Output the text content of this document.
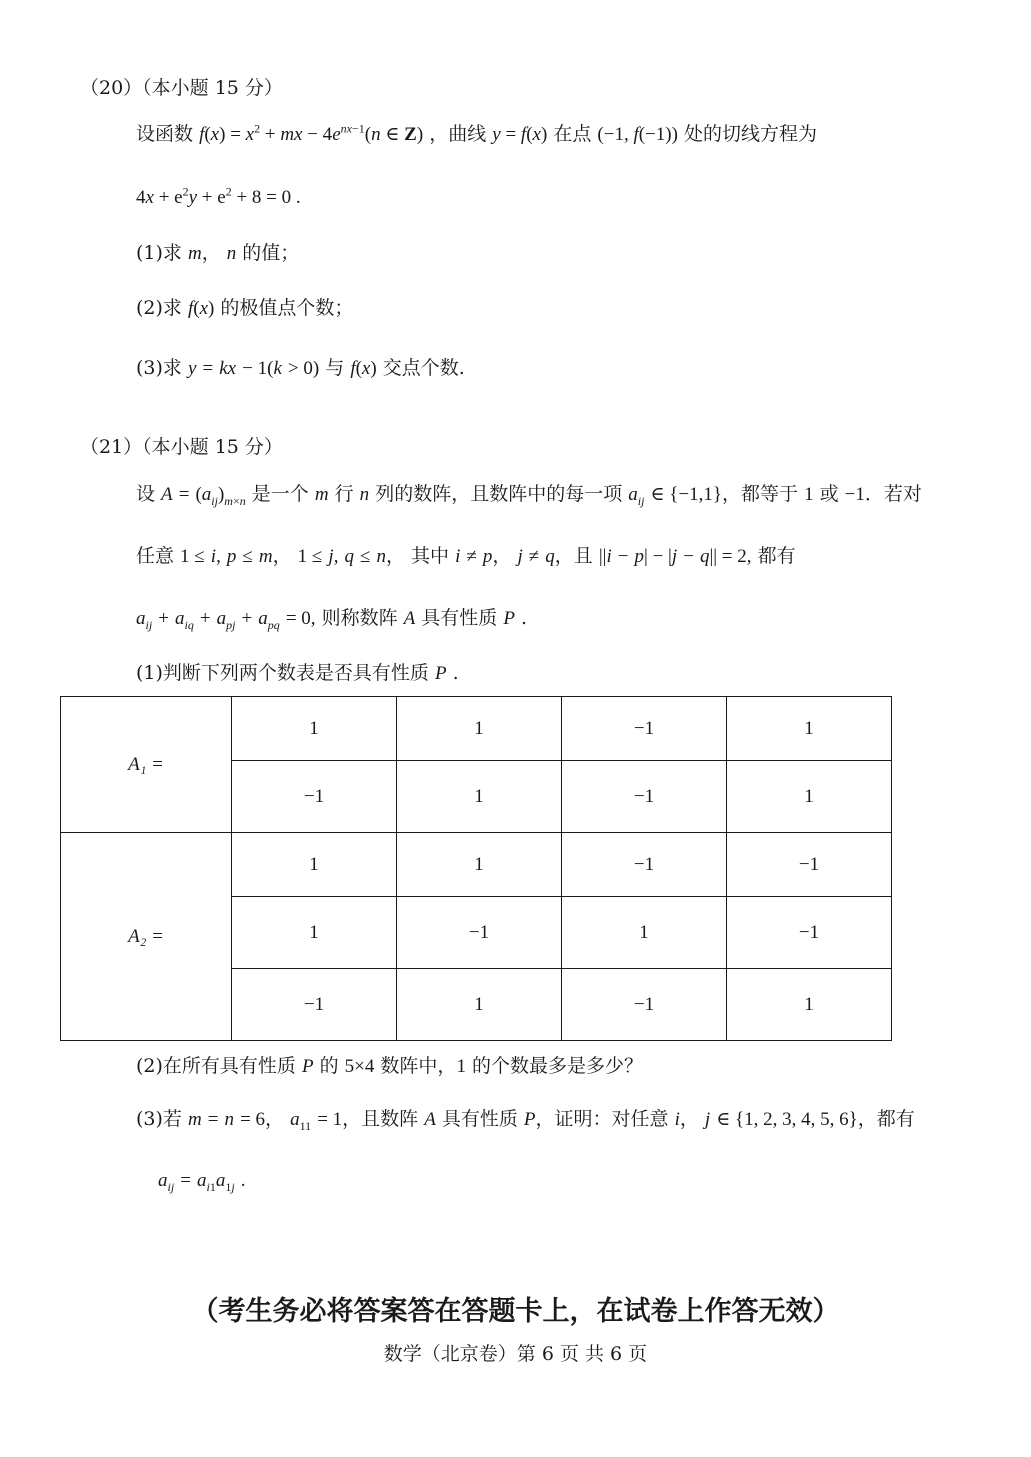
（20）（本小题 15 分）
设函数 $f(x) = x^2$ + mx − $4e^{nx-1}(n$ ∈ Z) ，曲线 y = f(x) 在点 (−1, f(−1)) 处的切线方程为
$4x + e^2y + e^2 + 8 = 0$ .
(1)求 m， n 的值；
(2)求 f(x) 的极值点个数；
(3)求 y = kx − 1(k > 0) 与 f(x) 交点个数.
（21）（本小题 15 分）
设 $A = (a_{ij})_{m\times n}$ 是一个 m 行 n 列的数阵，且数阵中的每一项 $a_{ij}$ ∈ {−1,1}，都等于 1 或 −1．若对
任意 1 ≤ i, p ≤ m， 1 ≤ j, q ≤ n， 其中 i ≠ p， j ≠ q，且 ||i − p| − |j − q|| = 2, 都有
$a_{ij} + a_{iq} + a_{pj} + a_{pq} = 0$, 则称数阵 A 具有性质 P .
(1)判断下列两个数表是否具有性质 P .
A₁ =	1	1	−1	1
	−1	1	−1	1
A₂ =	1	1	−1	−1
	1	−1	1	−1
	−1	1	−1	1
(2)在所有具有性质 P 的 5×4 数阵中，1 的个数最多是多少？
(3)若 m = n = 6， $a_{11} = 1$，且数阵 A 具有性质 P，证明：对任意 i， j ∈ {1, 2, 3, 4, 5, 6}，都有
$a_{ij} = a_{i1}a_{1j}$ .
（考生务必将答案答在答题卡上，在试卷上作答无效）
数学（北京卷）第 6 页 共 6 页
